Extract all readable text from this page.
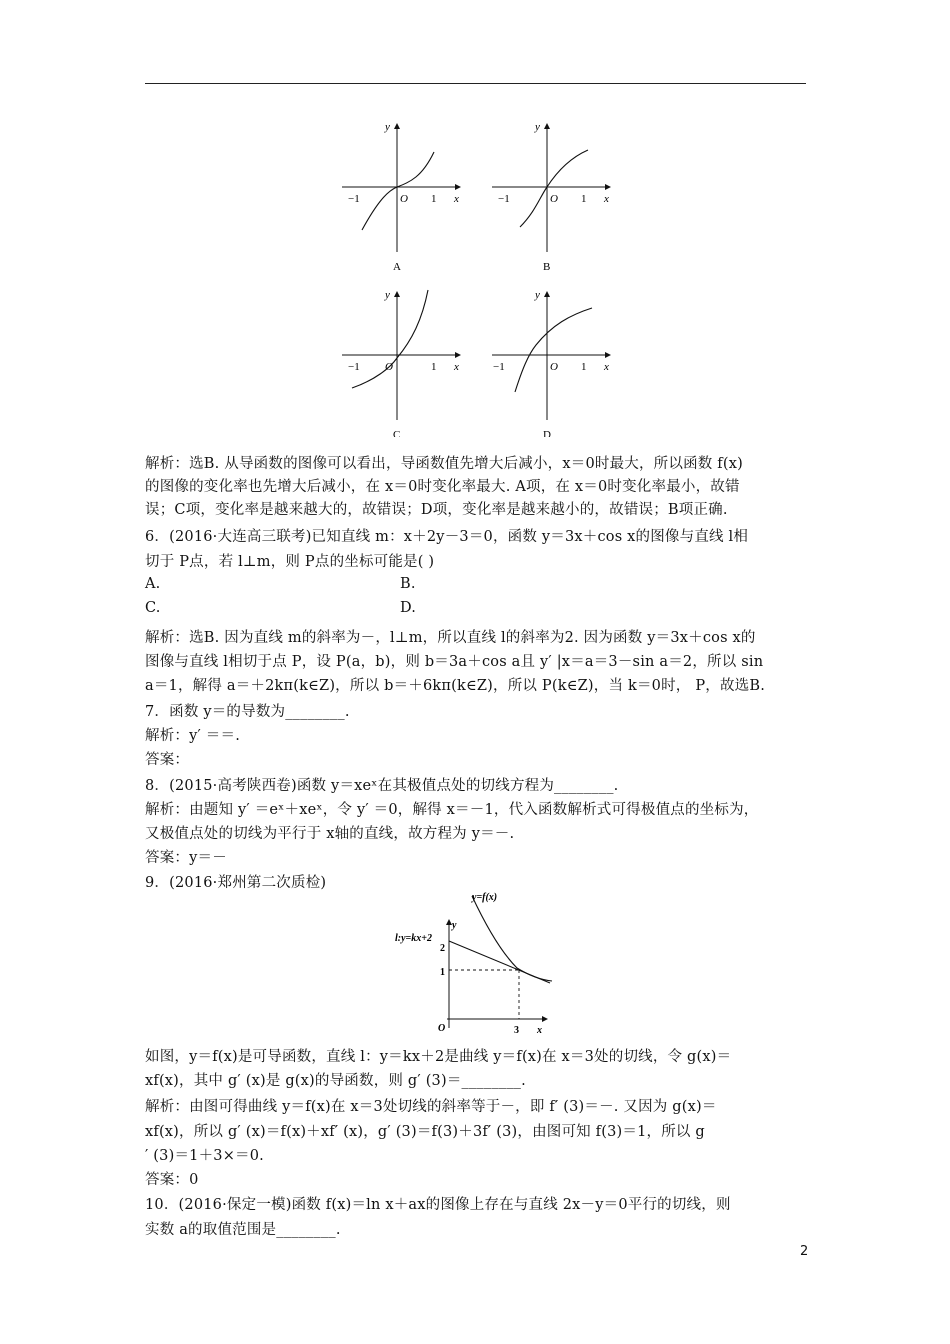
y
x
O
−1	1
A
y
x
O
−1	1
B
y
x
O
−1	1
C
y
x
O
−1	1
D
解析：选B. 从导函数的图像可以看出，导函数值先增大后减小，x＝0时最大，所以函数 f(x)
的图像的变化率也先增大后减小，在 x＝0时变化率最大. A项，在 x＝0时变化率最小，故错
误；C项，变化率是越来越大的，故错误；D项，变化率是越来越小的，故错误；B项正确.
6．(2016·大连高三联考)已知直线 m：x＋2y－3＝0，函数 y＝3x＋cos x的图像与直线 l相
切于 P点，若 l⊥m，则 P点的坐标可能是( )
A.	B.
C.	D.
解析：选B. 因为直线 m的斜率为－，l⊥m，所以直线 l的斜率为2. 因为函数 y＝3x＋cos x的
图像与直线 l相切于点 P，设 P(a，b)，则 b＝3a＋cos a且 y′ |x＝a＝3－sin a＝2，所以 sin
a＝1，解得 a＝＋2kπ(k∈Z)，所以 b＝＋6kπ(k∈Z)，所以 P(k∈Z)，当 k＝0时， P，故选B.
7．函数 y＝的导数为________.
解析：y′ ＝＝.
答案：
8．(2015·高考陕西卷)函数 y＝xeˣ在其极值点处的切线方程为________.
解析：由题知 y′ ＝eˣ＋xeˣ，令 y′ ＝0，解得 x＝－1，代入函数解析式可得极值点的坐标为，
又极值点处的切线为平行于 x轴的直线，故方程为 y＝－.
答案：y＝－
9．(2016·郑州第二次质检)
y=f(x)
l:y=kx+2
y
x
O
2
1
3
如图，y＝f(x)是可导函数，直线 l：y＝kx＋2是曲线 y＝f(x)在 x＝3处的切线，令 g(x)＝
xf(x)，其中 g′ (x)是 g(x)的导函数，则 g′ (3)＝________.
解析：由图可得曲线 y＝f(x)在 x＝3处切线的斜率等于－，即 f′ (3)＝－. 又因为 g(x)＝
xf(x)，所以 g′ (x)＝f(x)＋xf′ (x)，g′ (3)＝f(3)＋3f′ (3)，由图可知 f(3)＝1，所以 g
′ (3)＝1＋3×＝0.
答案：0
10．(2016·保定一模)函数 f(x)＝ln x＋ax的图像上存在与直线 2x－y＝0平行的切线，则
实数 a的取值范围是________.
2
